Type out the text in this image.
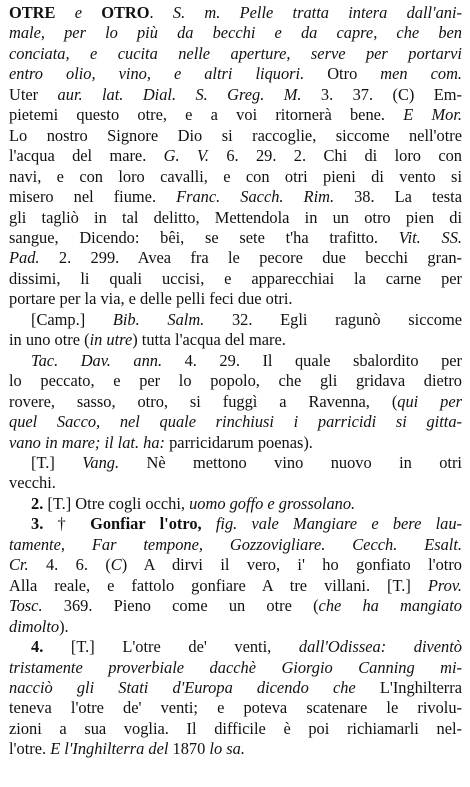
OTRE e OTRO. S. m. Pelle tratta intera dall'ani-
male, per lo più da becchi e da capre, che ben
conciata, e cucita nelle aperture, serve per portarvi
entro olio, vino, e altri liquori. Otro men com.
Uter aur. lat. Dial. S. Greg. M. 3. 37. (C) Em-
pietemi questo otre, e a voi ritornerà bene. E Mor.
Lo nostro Signore Dio si raccoglie, siccome nell'otre
l'acqua del mare. G. V. 6. 29. 2. Chi di loro con
navi, e con loro cavalli, e con otri pieni di vento si
miserо nel fiume. Franc. Sacch. Rim. 38. La testa
gli tagliò in tal delitto, Mettendola in un otro pien di
sangue, Dicendo: bêi, se sete t'ha trafitto. Vit. SS.
Pad. 2. 299. Avea fra le pecore due becchi gran-
dissimi, li quali uccisi, e apparecchiai la carne per
portare per la via, e delle pelli feci due otri.
[Camp.] Bib. Salm. 32. Egli ragunò siccome
in uno otre (in utre) tutta l'acqua del mare.
Tac. Dav. ann. 4. 29. Il quale sbalordito per
lo peccato, e per lo popolo, che gli gridava dietro
rovere, sasso, otro, si fuggì a Ravenna, (qui per
quel Sacco, nel quale rinchiusi i parricidi si gitta-
vano in mare; il lat. ha: parricidarum poenas).
[T.] Vang. Nè mettono vino nuovo in otri
vecchi.
2. [T.] Otre cogli occhi, uomo goffo e grossolano.
3. † Gonfiar l'otro, fig. vale Mangiare e bere lau-
tamente, Far tempone, Gozzovigliare. Cecch. Esalt.
Cr. 4. 6. (C) A dirvi il vero, i' ho gonfiato l'otro
Alla reale, e fattolo gonfiare A tre villani. [T.] Prov.
Tosc. 369. Pieno come un otre (che ha mangiato
dimolto).
4. [T.] L'otre de' venti, dall'Odissea: diventò
tristamente proverbiale dacchè Giorgio Canning mi-
nacciò gli Stati d'Europa dicendo che L'Inghilterra
teneva l'otre de' venti; e poteva scatenare le rivolu-
zioni a sua voglia. Il difficile è poi richiamarli nel-
l'otre. E l'Inghilterra del 1870 lo sa.
